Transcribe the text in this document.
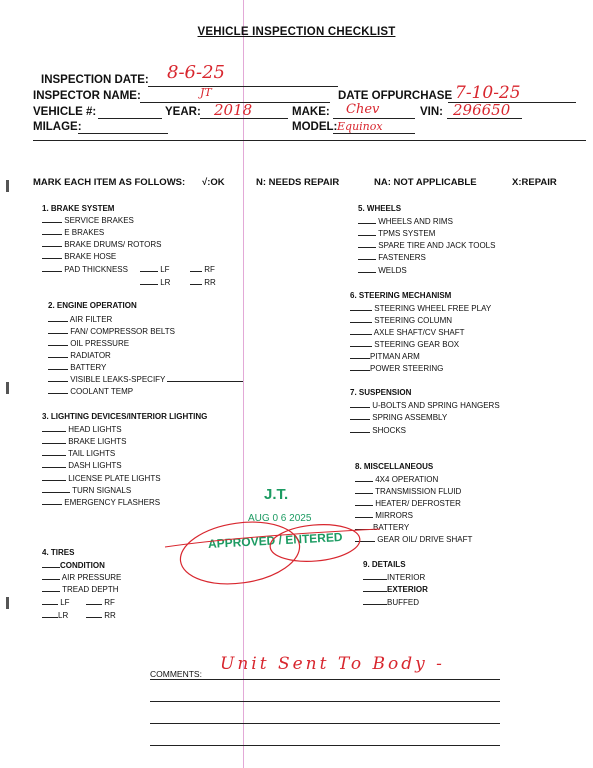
VEHICLE INSPECTION CHECKLIST
INSPECTION DATE: 8-6-25
INSPECTOR NAME:	JT	DATE OFPURCHASE 7-10-25
VEHICLE #:	YEAR: 2018	MAKE: Chev	VIN: 296650
MILAGE:	MODEL: Equinox
MARK EACH ITEM AS FOLLOWS: √:OK	N: NEEDS REPAIR	NA: NOT APPLICABLE	X:REPAIR
1. BRAKE SYSTEM
SERVICE BRAKES
E BRAKES
BRAKE DRUMS/ ROTORS
BRAKE HOSE
PAD THICKNESS	LF	RF
LR	RR
2. ENGINE OPERATION
AIR FILTER
FAN/ COMPRESSOR BELTS
OIL PRESSURE
RADIATOR
BATTERY
VISIBLE LEAKS-SPECIFY
COOLANT TEMP
3. LIGHTING DEVICES/INTERIOR LIGHTING
HEAD LIGHTS
BRAKE LIGHTS
TAIL LIGHTS
DASH LIGHTS
LICENSE PLATE LIGHTS
TURN SIGNALS
EMERGENCY FLASHERS
4. TIRES
CONDITION
AIR PRESSURE
TREAD DEPTH
LF	RF
LR	RR
5. WHEELS
WHEELS AND RIMS
TPMS SYSTEM
SPARE TIRE AND JACK TOOLS
FASTENERS
WELDS
6. STEERING MECHANISM
STEERING WHEEL FREE PLAY
STEERING COLUMN
AXLE SHAFT/CV SHAFT
STEERING GEAR BOX
PITMAN ARM
POWER STEERING
7. SUSPENSION
U-BOLTS AND SPRING HANGERS
SPRING ASSEMBLY
SHOCKS
8. MISCELLANEOUS
4X4 OPERATION
TRANSMISSION FLUID
HEATER/ DEFROSTER
MIRRORS
BATTERY
GEAR OIL/ DRIVE SHAFT
9. DETAILS
INTERIOR
EXTERIOR
BUFFED
J.T.
AUG 0 6 2025
APPROVED / ENTERED
COMMENTS: Unit Sent To Body -
